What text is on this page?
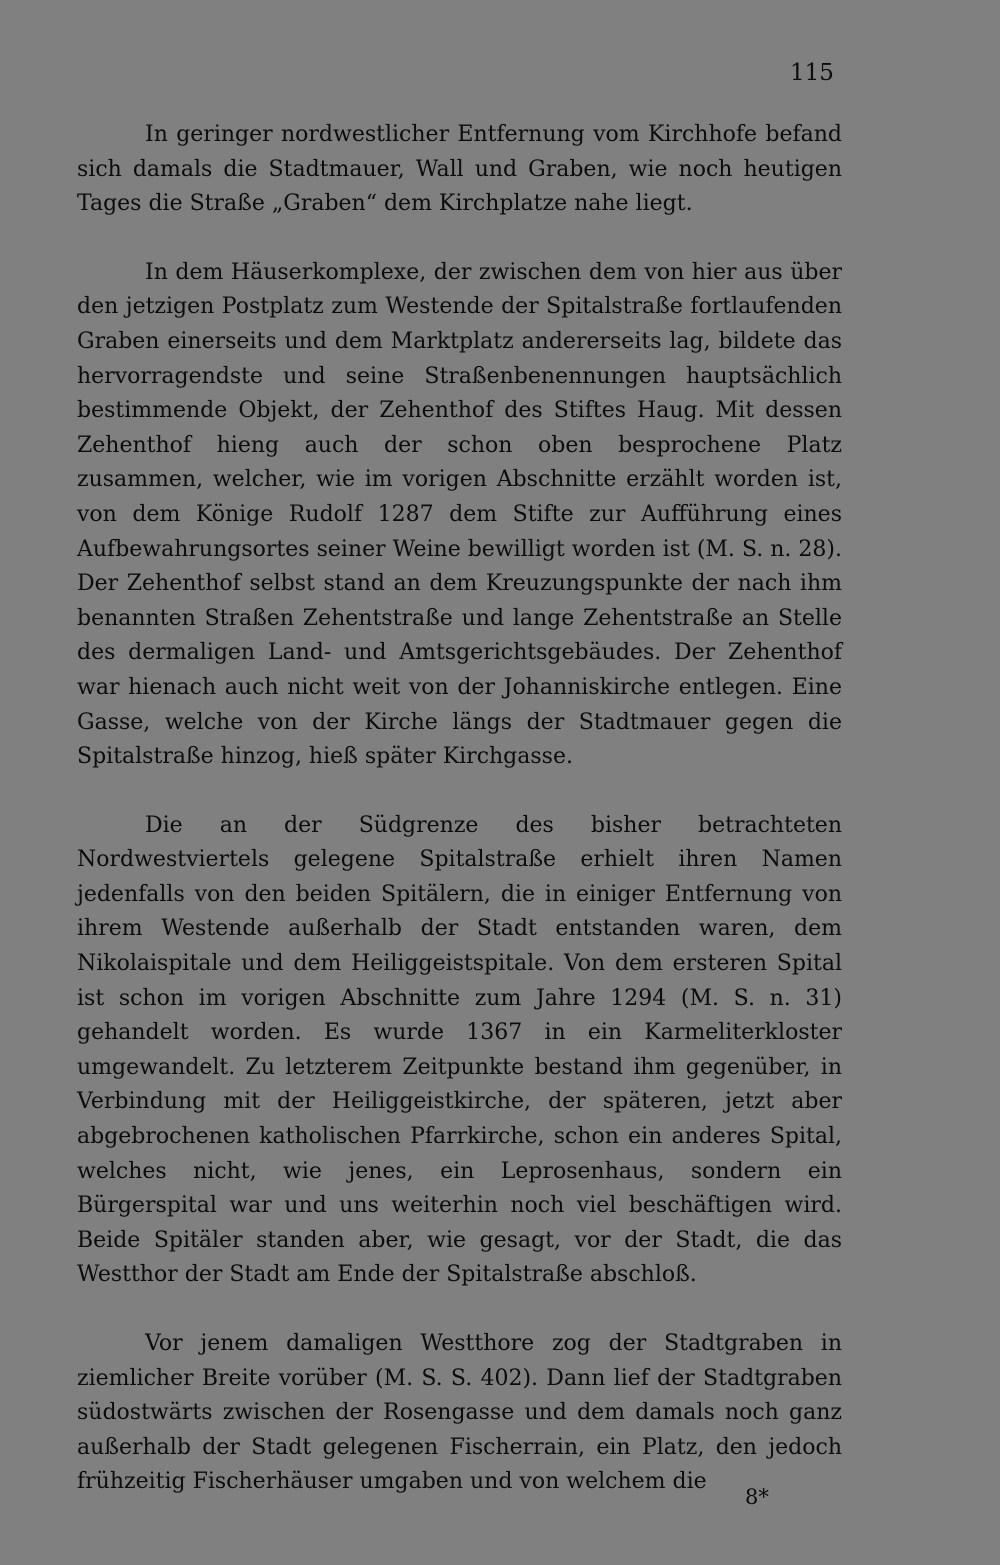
115

In geringer nordwestlicher Entfernung vom Kirchhofe befand sich damals die Stadtmauer, Wall und Graben, wie noch heutigen Tages die Straße „Graben“ dem Kirchplatze nahe liegt.

In dem Häuserkomplexe, der zwischen dem von hier aus über den jetzigen Postplatz zum Westende der Spitalstraße fortlaufenden Graben einerseits und dem Marktplatz andererseits lag, bildete das hervorragendste und seine Straßenbenennungen hauptsächlich bestimmende Objekt, der Zehenthof des Stiftes Haug. Mit dessen Zehenthof hieng auch der schon oben besprochene Platz zusammen, welcher, wie im vorigen Abschnitte erzählt worden ist, von dem Könige Rudolf 1287 dem Stifte zur Aufführung eines Aufbewahrungsortes seiner Weine bewilligt worden ist (M. S. n. 28). Der Zehenthof selbst stand an dem Kreuzungspunkte der nach ihm benannten Straßen Zehentstraße und lange Zehentstraße an Stelle des dermaligen Land- und Amtsgerichtsgebäudes. Der Zehenthof war hienach auch nicht weit von der Johanniskirche entlegen. Eine Gasse, welche von der Kirche längs der Stadtmauer gegen die Spitalstraße hinzog, hieß später Kirchgasse.

Die an der Südgrenze des bisher betrachteten Nordwestviertels gelegene Spitalstraße erhielt ihren Namen jedenfalls von den beiden Spitälern, die in einiger Entfernung von ihrem Westende außerhalb der Stadt entstanden waren, dem Nikolaispitale und dem Heiliggeistspitale. Von dem ersteren Spital ist schon im vorigen Abschnitte zum Jahre 1294 (M. S. n. 31) gehandelt worden. Es wurde 1367 in ein Karmeliterkloster umgewandelt. Zu letzterem Zeitpunkte bestand ihm gegenüber, in Verbindung mit der Heiliggeistkirche, der späteren, jetzt aber abgebrochenen katholischen Pfarrkirche, schon ein anderes Spital, welches nicht, wie jenes, ein Leprosenhaus, sondern ein Bürgerspital war und uns weiterhin noch viel beschäftigen wird. Beide Spitäler standen aber, wie gesagt, vor der Stadt, die das Westthor der Stadt am Ende der Spitalstraße abschloß.

Vor jenem damaligen Westthore zog der Stadtgraben in ziemlicher Breite vorüber (M. S. S. 402). Dann lief der Stadtgraben südostwärts zwischen der Rosengasse und dem damals noch ganz außerhalb der Stadt gelegenen Fischerrain, ein Platz, den jedoch frühzeitig Fischerhäuser umgaben und von welchem die

8*
